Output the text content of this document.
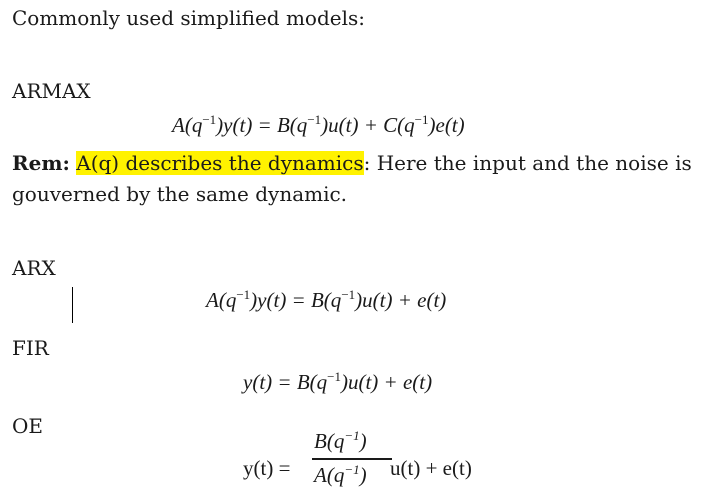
Commonly used simplified models:
ARMAX
$A(q^{-1})y(t) = B(q^{-1})u(t) + C(q^{-1})e(t)$
Rem: A(q) describes the dynamics: Here the input and the noise is
gouverned by the same dynamic.
ARX
$A(q^{-1})y(t) = B(q^{-1})u(t) + e(t)$
FIR
$y(t) = B(q^{-1})u(t) + e(t)$
OE
y(t) =
$B(q^{-1})$
$A(q^{-1}) u(t) + e(t)$
